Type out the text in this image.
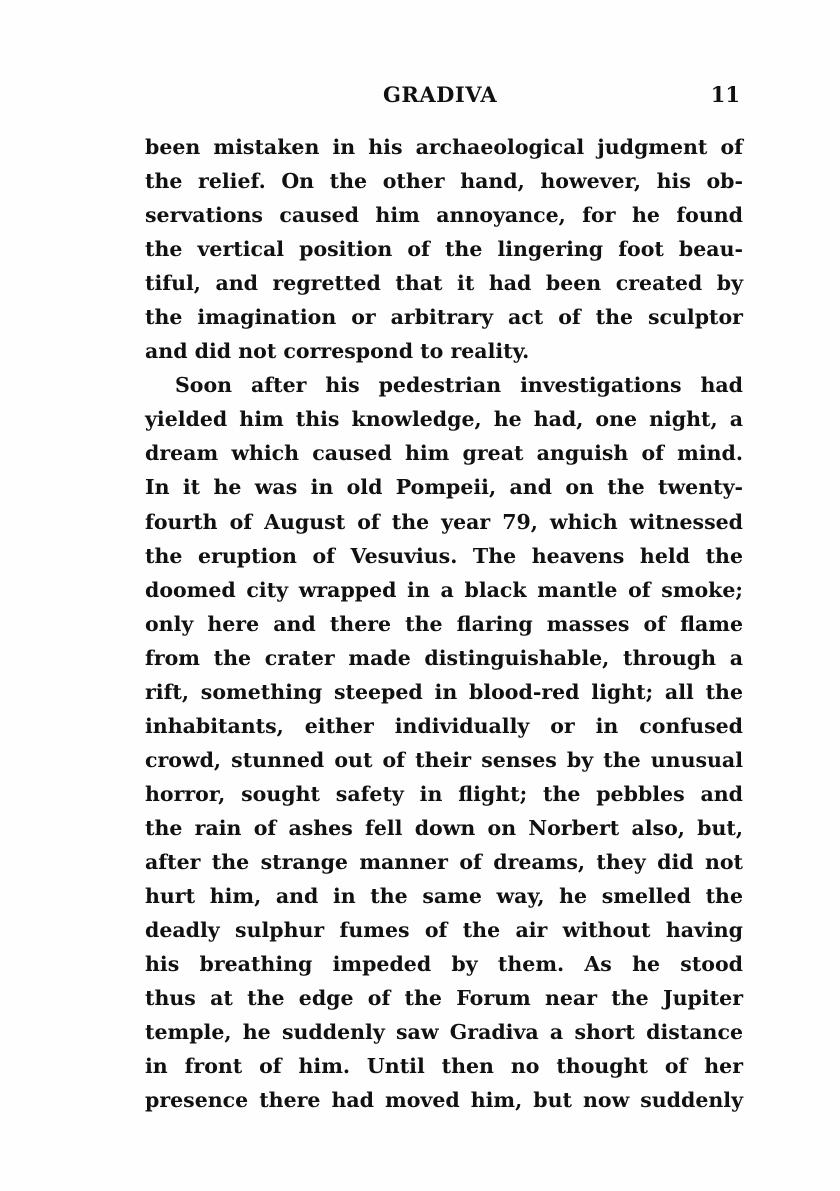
GRADIVA	11
been mistaken in his archaeological judgment of
the relief. On the other hand, however, his ob-
servations caused him annoyance, for he found
the vertical position of the lingering foot beau-
tiful, and regretted that it had been created by
the imagination or arbitrary act of the sculptor
and did not correspond to reality.
Soon after his pedestrian investigations had
yielded him this knowledge, he had, one night, a
dream which caused him great anguish of mind.
In it he was in old Pompeii, and on the twenty-
fourth of August of the year 79, which witnessed
the eruption of Vesuvius. The heavens held the
doomed city wrapped in a black mantle of smoke;
only here and there the flaring masses of flame
from the crater made distinguishable, through a
rift, something steeped in blood-red light; all the
inhabitants, either individually or in confused
crowd, stunned out of their senses by the unusual
horror, sought safety in flight; the pebbles and
the rain of ashes fell down on Norbert also, but,
after the strange manner of dreams, they did not
hurt him, and in the same way, he smelled the
deadly sulphur fumes of the air without having
his breathing impeded by them. As he stood
thus at the edge of the Forum near the Jupiter
temple, he suddenly saw Gradiva a short distance
in front of him. Until then no thought of her
presence there had moved him, but now suddenly
